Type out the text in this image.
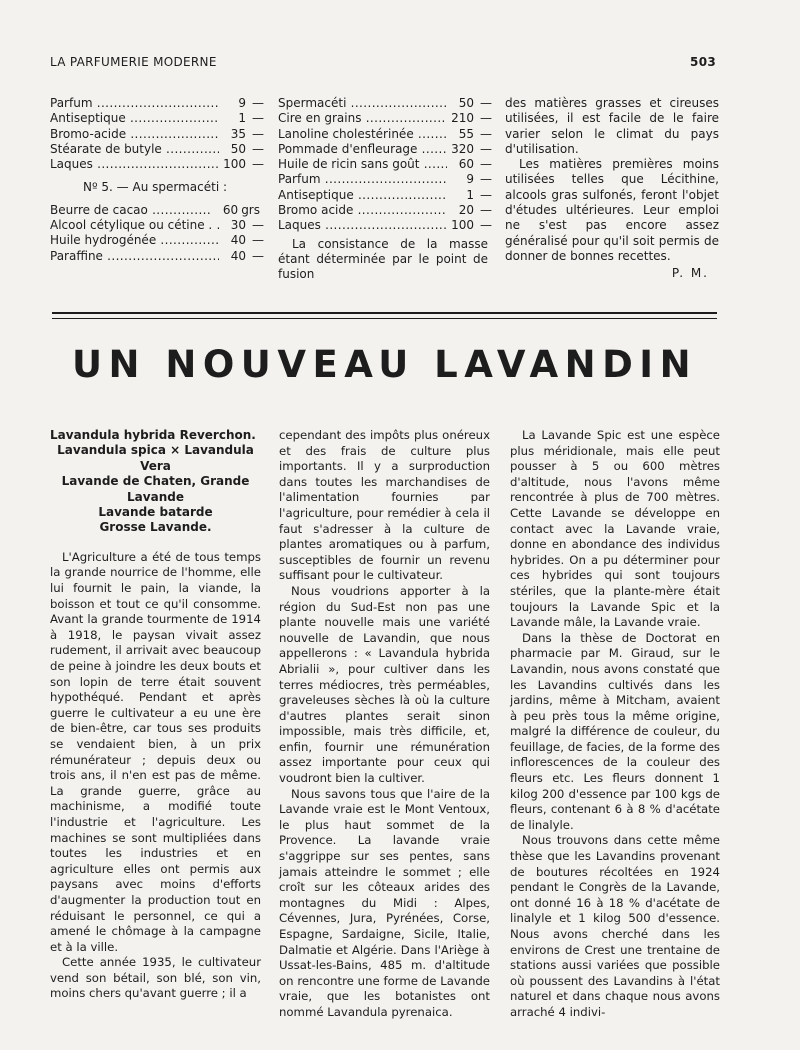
LA PARFUMERIE MODERNE	503
Parfum .....	9 —
Antiseptique .....	1 —
Bromo-acide .....	35 —
Stéarate de butyle .....	50 —
Laques .....	100 —
Nº 5. — Au spermacéti :
Beurre de cacao .....	60 grs
Alcool cétylique ou cétine . .....	30 —
Huile hydrogénée .....	40 —
Paraffine .....	40 —
Spermacéti .....	50 —
Cire en grains .....	210 —
Lanoline cholestérinée .....	55 —
Pommade d'enfleurage .....	320 —
Huile de ricin sans goût .....	60 —
Parfum .....	9 —
Antiseptique .....	1 —
Bromo acide .....	20 —
Laques .....	100 —

La consistance de la masse étant déterminée par le point de fusion

des matières grasses et cireuses utilisées, il est facile de le faire varier selon le climat du pays d'utilisation.

Les matières premières moins utilisées telles que Lécithine, alcools gras sulfonés, feront l'objet d'études ultérieures. Leur emploi ne s'est pas encore assez généralisé pour qu'il soit permis de donner de bonnes recettes.

P. M.
UN NOUVEAU LAVANDIN
Lavandula hybrida Reverchon.
Lavandula spica × Lavandula Vera
Lavande de Chaten, Grande Lavande
Lavande batarde
Grosse Lavande.

L'Agriculture a été de tous temps la grande nourrice de l'homme, elle lui fournit le pain, la viande, la boisson et tout ce qu'il consomme. Avant la grande tourmente de 1914 à 1918, le paysan vivait assez rudement, il arrivait avec beaucoup de peine à joindre les deux bouts et son lopin de terre était souvent hypothéqué. Pendant et après guerre le cultivateur a eu une ère de bien-être, car tous ses produits se vendaient bien, à un prix rémunérateur ; depuis deux ou trois ans, il n'en est pas de même. La grande guerre, grâce au machinisme, a modifié toute l'industrie et l'agriculture. Les machines se sont multipliées dans toutes les industries et en agriculture elles ont permis aux paysans avec moins d'efforts d'augmenter la production tout en réduisant le personnel, ce qui a amené le chômage à la campagne et à la ville.

Cette année 1935, le cultivateur vend son bétail, son blé, son vin, moins chers qu'avant guerre ; il a

cependant des impôts plus onéreux et des frais de culture plus importants. Il y a surproduction dans toutes les marchandises de l'alimentation fournies par l'agriculture, pour remédier à cela il faut s'adresser à la culture de plantes aromatiques ou à parfum, susceptibles de fournir un revenu suffisant pour le cultivateur.

Nous voudrions apporter à la région du Sud-Est non pas une plante nouvelle mais une variété nouvelle de Lavandin, que nous appellerons : « Lavandula hybrida Abrialii », pour cultiver dans les terres médiocres, très perméables, graveleuses sèches là où la culture d'autres plantes serait sinon impossible, mais très difficile, et, enfin, fournir une rémunération assez importante pour ceux qui voudront bien la cultiver.

Nous savons tous que l'aire de la Lavande vraie est le Mont Ventoux, le plus haut sommet de la Provence. La lavande vraie s'aggrippe sur ses pentes, sans jamais atteindre le sommet ; elle croît sur les côteaux arides des montagnes du Midi : Alpes, Cévennes, Jura, Pyrénées, Corse, Espagne, Sardaigne, Sicile, Italie, Dalmatie et Algérie. Dans l'Ariège à Ussat-les-Bains, 485 m. d'altitude on rencontre une forme de Lavande vraie, que les botanistes ont nommé Lavandula pyrenaica.

La Lavande Spic est une espèce plus méridionale, mais elle peut pousser à 5 ou 600 mètres d'altitude, nous l'avons même rencontrée à plus de 700 mètres. Cette Lavande se développe en contact avec la Lavande vraie, donne en abondance des individus hybrides. On a pu déterminer pour ces hybrides qui sont toujours stériles, que la plante-mère était toujours la Lavande Spic et la Lavande mâle, la Lavande vraie.

Dans la thèse de Doctorat en pharmacie par M. Giraud, sur le Lavandin, nous avons constaté que les Lavandins cultivés dans les jardins, même à Mitcham, avaient à peu près tous la même origine, malgré la différence de couleur, du feuillage, de facies, de la forme des inflorescences de la couleur des fleurs etc. Les fleurs donnent 1 kilog 200 d'essence par 100 kgs de fleurs, contenant 6 à 8 % d'acétate de linalyle.

Nous trouvons dans cette même thèse que les Lavandins provenant de boutures récoltées en 1924 pendant le Congrès de la Lavande, ont donné 16 à 18 % d'acétate de linalyle et 1 kilog 500 d'essence. Nous avons cherché dans les environs de Crest une trentaine de stations aussi variées que possible où poussent des Lavandins à l'état naturel et dans chaque nous avons arraché 4 indivi-
